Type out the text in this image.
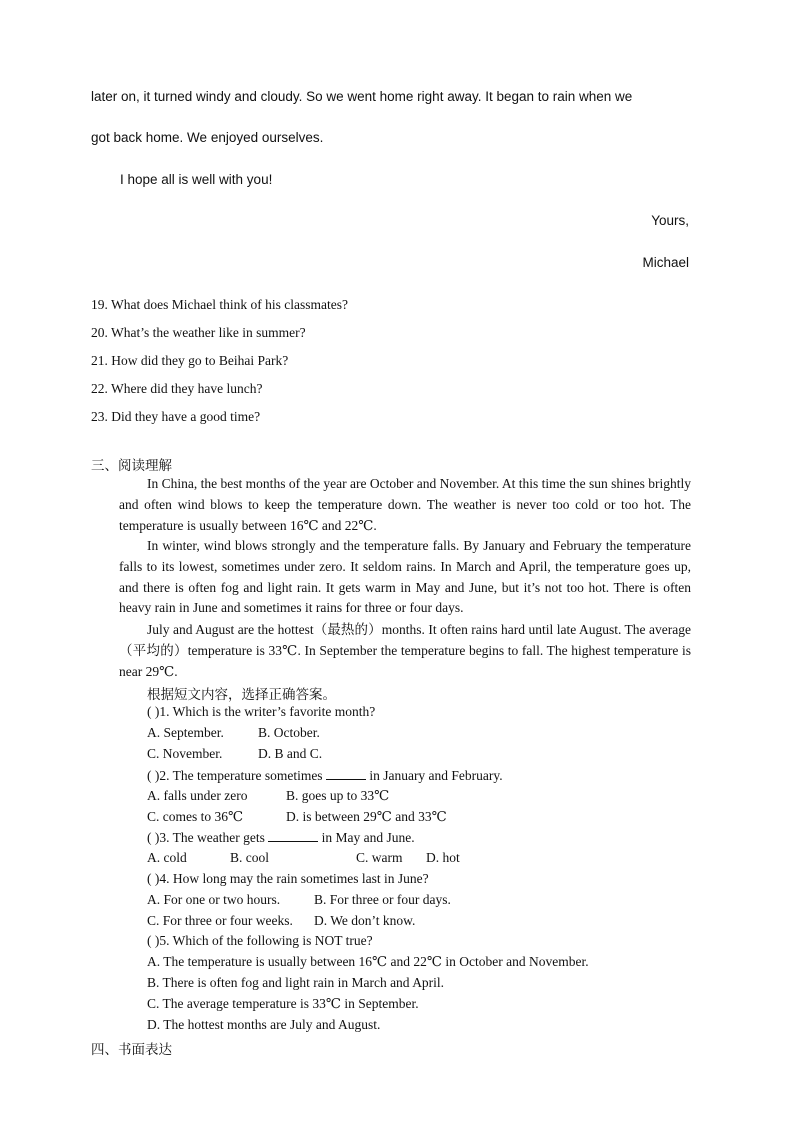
later on, it turned windy and cloudy. So we went home right away. It began to rain when we
got back home. We enjoyed ourselves.
I hope all is well with you!
Yours,
Michael
19. What does Michael think of his classmates?
20. What’s the weather like in summer?
21. How did they go to Beihai Park?
22. Where did they have lunch?
23. Did they have a good time?
三、阅读理解
In China, the best months of the year are October and November. At this time the sun shines brightly and often wind blows to keep the temperature down. The weather is never too cold or too hot. The temperature is usually between 16℃ and 22℃.
In winter, wind blows strongly and the temperature falls. By January and February the temperature falls to its lowest, sometimes under zero. It seldom rains. In March and April, the temperature goes up, and there is often fog and light rain. It gets warm in May and June, but it’s not too hot. There is often heavy rain in June and sometimes it rains for three or four days.
July and August are the hottest（最热的）months. It often rains hard until late August. The average（平均的）temperature is 33℃. In September the temperature begins to fall. The highest temperature is near 29℃.
根据短文内容，选择正确答案。
( )1. Which is the writer’s favorite month?
A. September.	B. October.
C. November.	D. B and C.
( )2. The temperature sometimes	in January and February.
A. falls under zero	B. goes up to 33℃
C. comes to 36℃	D. is between 29℃ and 33℃
( )3. The weather gets	in May and June.
A. cold	B. cool	C. warm D. hot
( )4. How long may the rain sometimes last in June?
A. For one or two hours.	B. For three or four days.
C. For three or four weeks. D. We don’t know.
( )5. Which of the following is NOT true?
A. The temperature is usually between 16℃ and 22℃ in October and November.
B. There is often fog and light rain in March and April.
C. The average temperature is 33℃ in September.
D. The hottest months are July and August.
四、书面表达
